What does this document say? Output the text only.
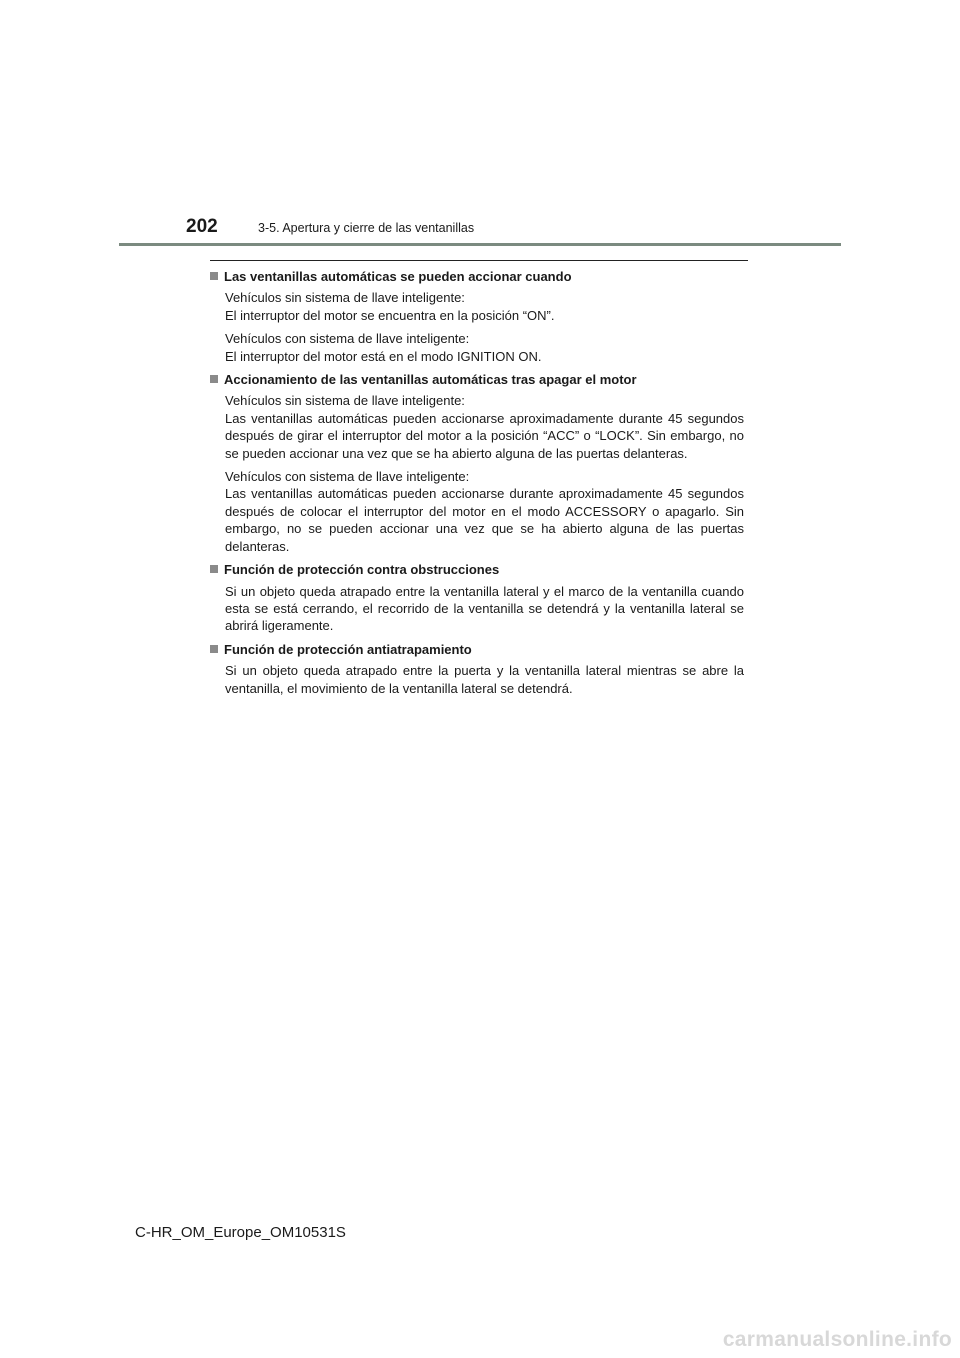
202	3-5. Apertura y cierre de las ventanillas
Las ventanillas automáticas se pueden accionar cuando
Vehículos sin sistema de llave inteligente:
El interruptor del motor se encuentra en la posición “ON”.
Vehículos con sistema de llave inteligente:
El interruptor del motor está en el modo IGNITION ON.
Accionamiento de las ventanillas automáticas tras apagar el motor
Vehículos sin sistema de llave inteligente:
Las ventanillas automáticas pueden accionarse aproximadamente durante 45 segundos después de girar el interruptor del motor a la posición “ACC” o “LOCK”. Sin embargo, no se pueden accionar una vez que se ha abierto alguna de las puertas delanteras.
Vehículos con sistema de llave inteligente:
Las ventanillas automáticas pueden accionarse durante aproximadamente 45 segundos después de colocar el interruptor del motor en el modo ACCESSORY o apagarlo. Sin embargo, no se pueden accionar una vez que se ha abierto alguna de las puertas delanteras.
Función de protección contra obstrucciones
Si un objeto queda atrapado entre la ventanilla lateral y el marco de la ventanilla cuando esta se está cerrando, el recorrido de la ventanilla se detendrá y la ventanilla lateral se abrirá ligeramente.
Función de protección antiatrapamiento
Si un objeto queda atrapado entre la puerta y la ventanilla lateral mientras se abre la ventanilla, el movimiento de la ventanilla lateral se detendrá.
C-HR_OM_Europe_OM10531S
carmanualsonline.info
